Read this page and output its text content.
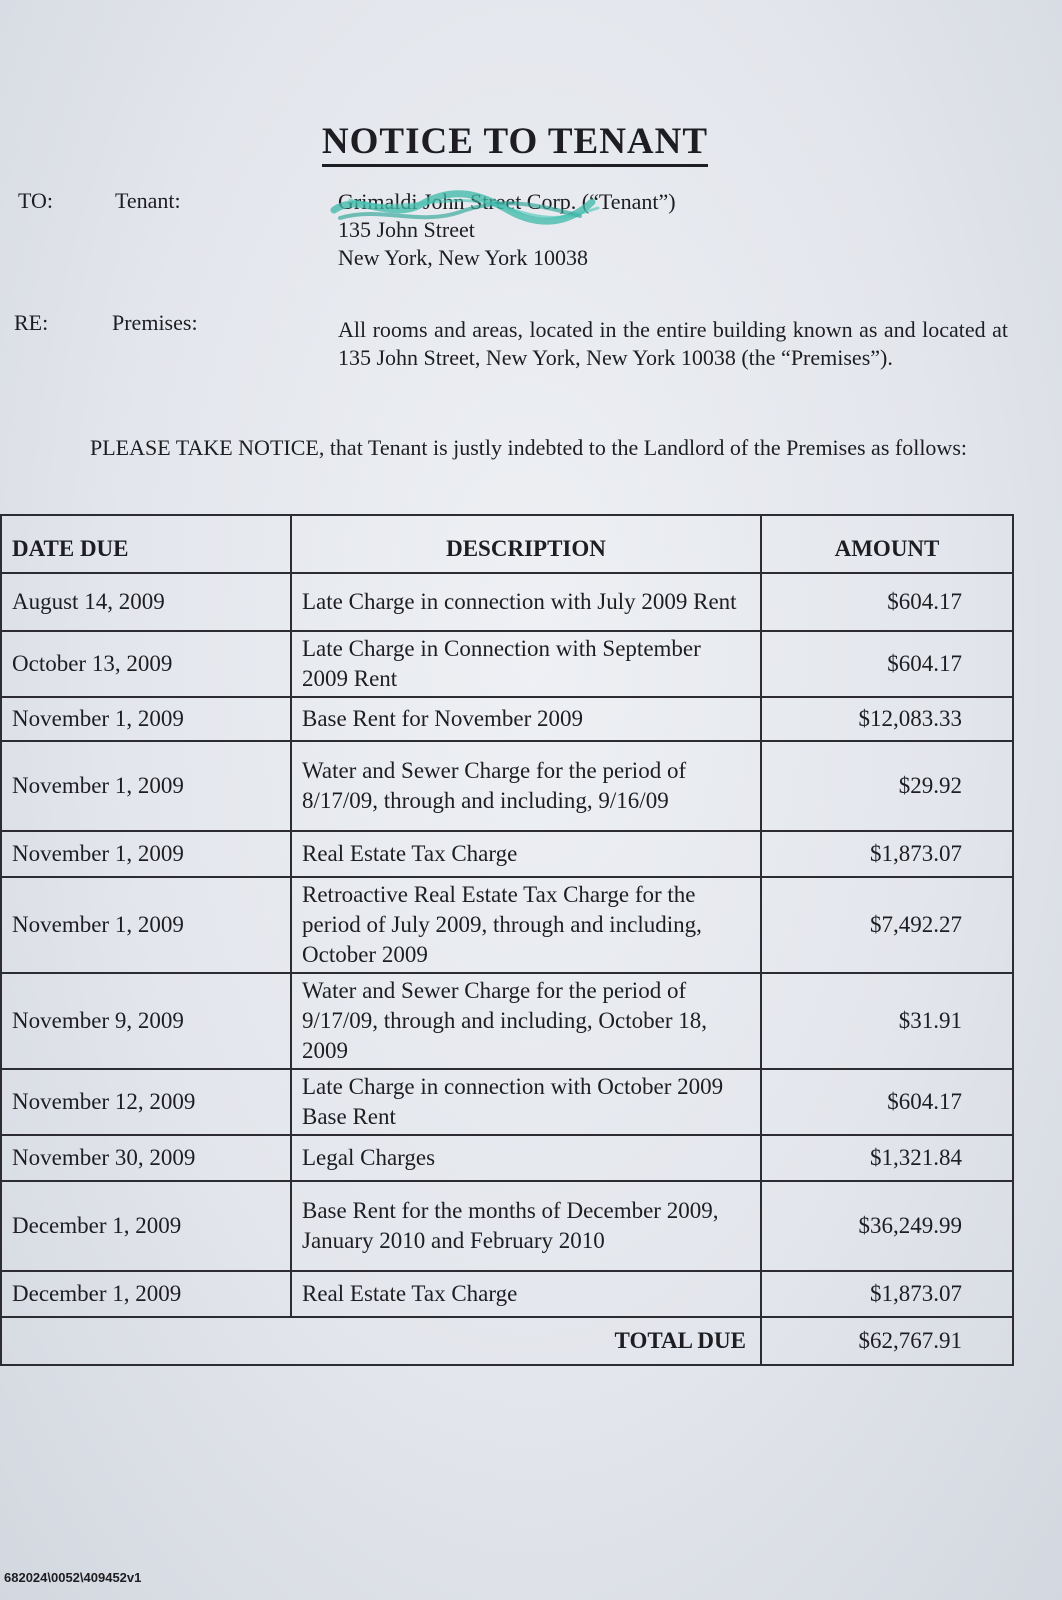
NOTICE TO TENANT
TO:	Tenant:	Grimaldi John Street Corp. (“Tenant”)
135 John Street
New York, New York 10038
RE:	Premises:	All rooms and areas, located in the entire building known as and located at 135 John Street, New York, New York 10038 (the “Premises”).
PLEASE TAKE NOTICE, that Tenant is justly indebted to the Landlord of the Premises as follows:
DATE DUE	DESCRIPTION	AMOUNT
August 14, 2009	Late Charge in connection with July 2009 Rent	$604.17
October 13, 2009	Late Charge in Connection with September 2009 Rent	$604.17
November 1, 2009	Base Rent for November 2009	$12,083.33
November 1, 2009	Water and Sewer Charge for the period of 8/17/09, through and including, 9/16/09	$29.92
November 1, 2009	Real Estate Tax Charge	$1,873.07
November 1, 2009	Retroactive Real Estate Tax Charge for the period of July 2009, through and including, October 2009	$7,492.27
November 9, 2009	Water and Sewer Charge for the period of 9/17/09, through and including, October 18, 2009	$31.91
November 12, 2009	Late Charge in connection with October 2009 Base Rent	$604.17
November 30, 2009	Legal Charges	$1,321.84
December 1, 2009	Base Rent for the months of December 2009, January 2010 and February 2010	$36,249.99
December 1, 2009	Real Estate Tax Charge	$1,873.07
	TOTAL DUE	$62,767.91
682024\0052\409452v1
